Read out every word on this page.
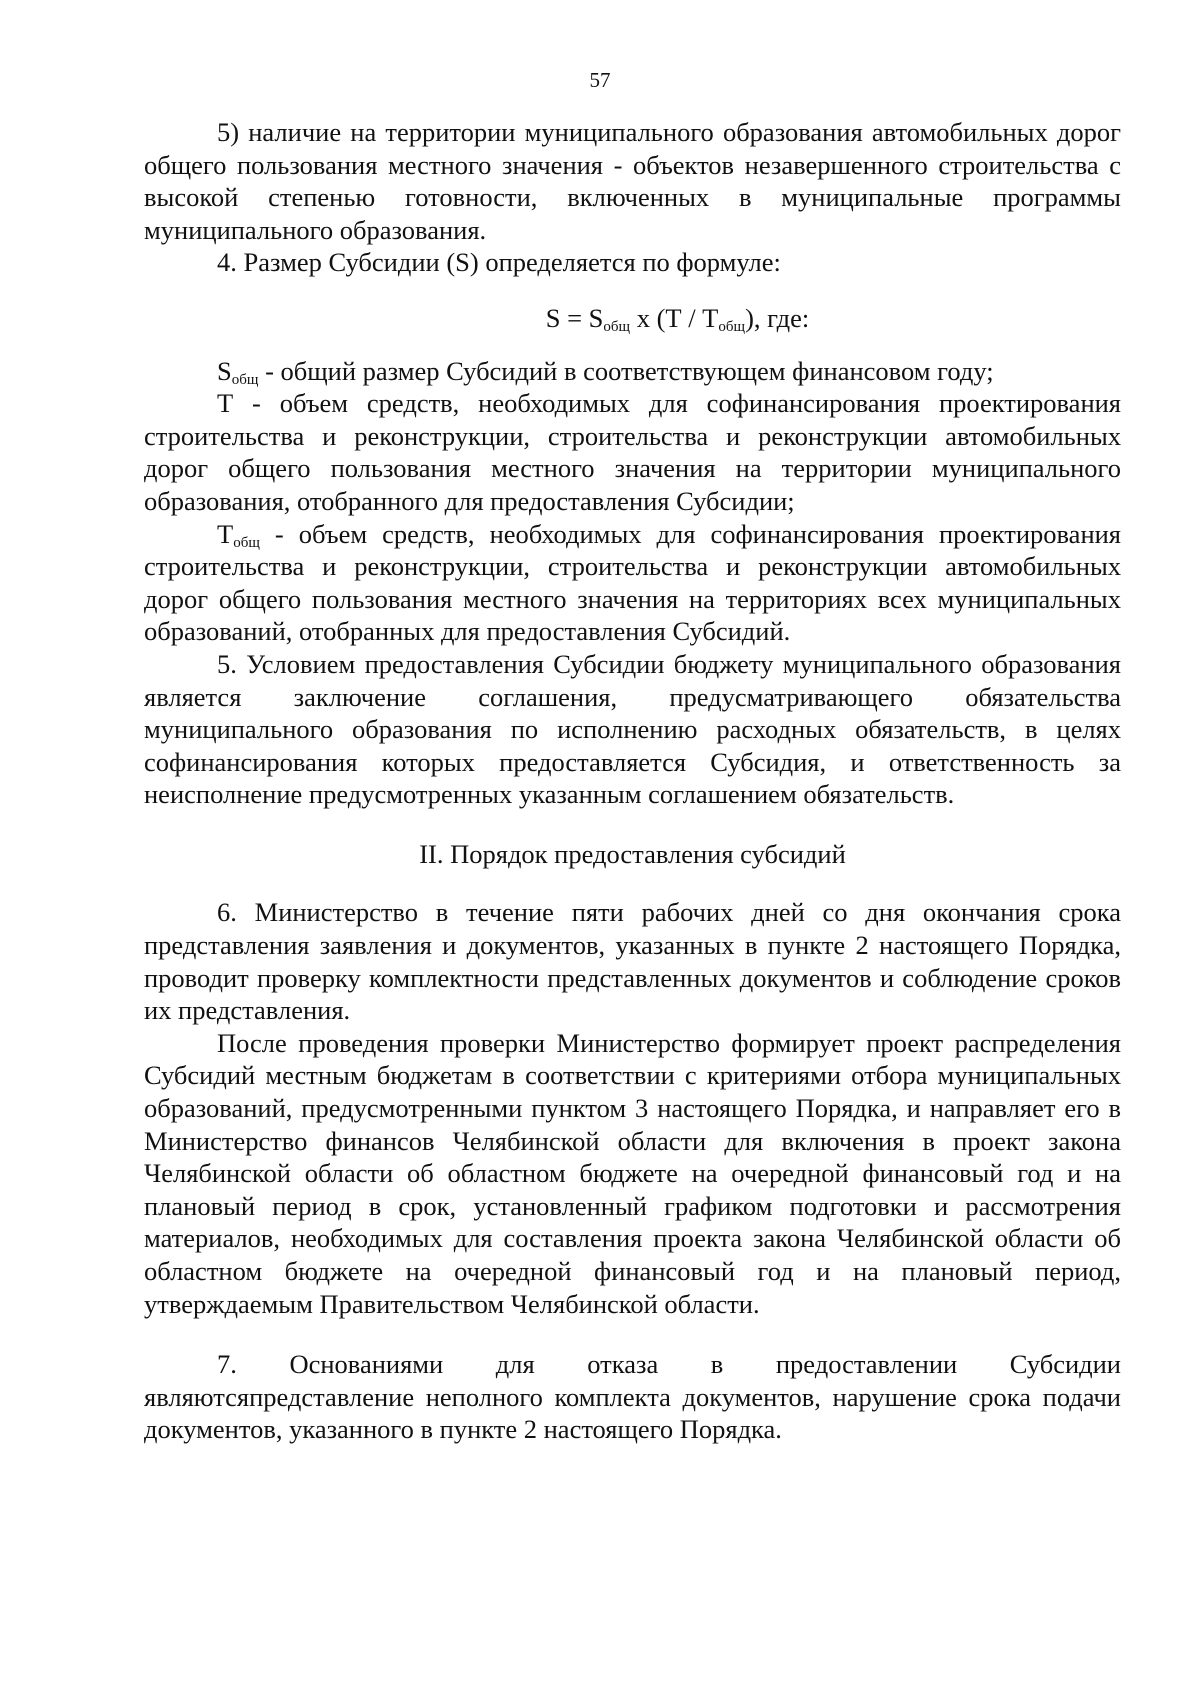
57

5) наличие на территории муниципального образования автомобильных дорог общего пользования местного значения - объектов незавершенного строительства с высокой степенью готовности, включенных в муниципальные программы муниципального образования.

4. Размер Субсидии (S) определяется по формуле:

$S = S_{общ}$ х $(Т / Т_{общ})$, где:

$S_{общ}$ - общий размер Субсидий в соответствующем финансовом году;

Т - объем средств, необходимых для софинансирования проектирования строительства и реконструкции, строительства и реконструкции автомобильных дорог общего пользования местного значения на территории муниципального образования, отобранного для предоставления Субсидии;

$Т_{общ}$ - объем средств, необходимых для софинансирования проектирования строительства и реконструкции, строительства и реконструкции автомобильных дорог общего пользования местного значения на территориях всех муниципальных образований, отобранных для предоставления Субсидий.

5. Условием предоставления Субсидии бюджету муниципального образования является заключение соглашения, предусматривающего обязательства муниципального образования по исполнению расходных обязательств, в целях софинансирования которых предоставляется Субсидия, и ответственность за неисполнение предусмотренных указанным соглашением обязательств.

II. Порядок предоставления субсидий

6. Министерство в течение пяти рабочих дней со дня окончания срока представления заявления и документов, указанных в пункте 2 настоящего Порядка, проводит проверку комплектности представленных документов и соблюдение сроков их представления.

После проведения проверки Министерство формирует проект распределения Субсидий местным бюджетам в соответствии с критериями отбора муниципальных образований, предусмотренными пунктом 3 настоящего Порядка, и направляет его в Министерство финансов Челябинской области для включения в проект закона Челябинской области об областном бюджете на очередной финансовый год и на плановый период в срок, установленный графиком подготовки и рассмотрения материалов, необходимых для составления проекта закона Челябинской области об областном бюджете на очередной финансовый год и на плановый период, утверждаемым Правительством Челябинской области.

7. Основаниями для отказа в предоставлении Субсидии являютсяпредставление неполного комплекта документов, нарушение срока подачи документов, указанного в пункте 2 настоящего Порядка.
